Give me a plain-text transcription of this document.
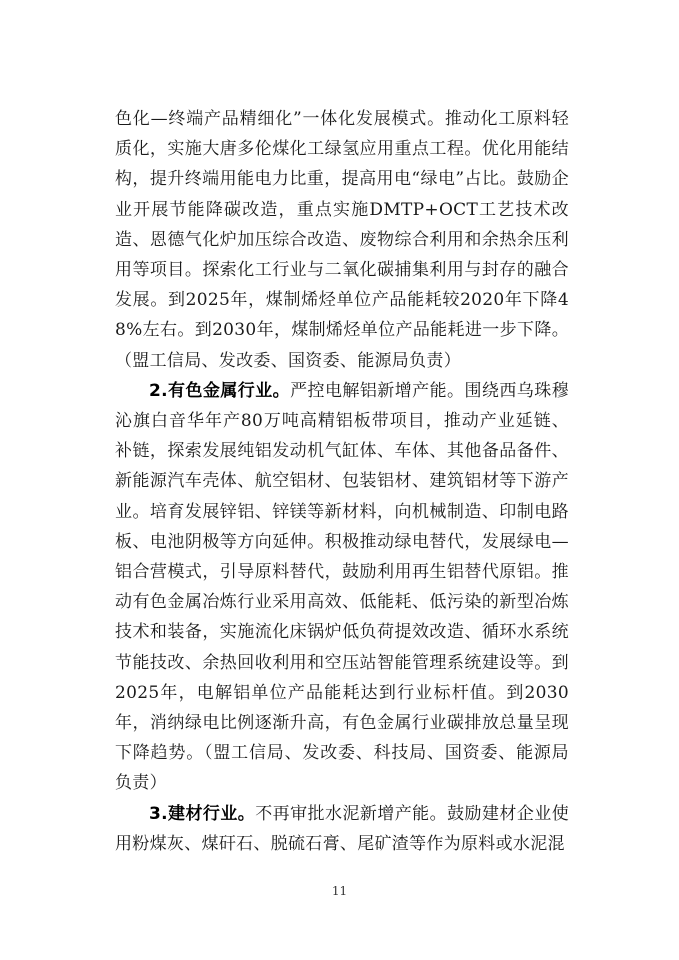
色化—终端产品精细化”一体化发展模式。推动化工原料轻质化，实施大唐多伦煤化工绿氢应用重点工程。优化用能结构，提升终端用能电力比重，提高用电“绿电”占比。鼓励企业开展节能降碳改造，重点实施DMTP+OCT工艺技术改造、恩德气化炉加压综合改造、废物综合利用和余热余压利用等项目。探索化工行业与二氧化碳捕集利用与封存的融合发展。到2025年，煤制烯烃单位产品能耗较2020年下降48%左右。到2030年，煤制烯烃单位产品能耗进一步下降。（盟工信局、发改委、国资委、能源局负责）

2.有色金属行业。严控电解铝新增产能。围绕西乌珠穆沁旗白音华年产80万吨高精铝板带项目，推动产业延链、补链，探索发展纯铝发动机气缸体、车体、其他备品备件、新能源汽车壳体、航空铝材、包装铝材、建筑铝材等下游产业。培育发展锌铝、锌镁等新材料，向机械制造、印制电路板、电池阴极等方向延伸。积极推动绿电替代，发展绿电—铝合营模式，引导原料替代，鼓励利用再生铝替代原铝。推动有色金属冶炼行业采用高效、低能耗、低污染的新型冶炼技术和装备，实施流化床锅炉低负荷提效改造、循环水系统节能技改、余热回收利用和空压站智能管理系统建设等。到2025年，电解铝单位产品能耗达到行业标杆值。到2030年，消纳绿电比例逐渐升高，有色金属行业碳排放总量呈现下降趋势。（盟工信局、发改委、科技局、国资委、能源局负责）

3.建材行业。不再审批水泥新增产能。鼓励建材企业使用粉煤灰、煤矸石、脱硫石膏、尾矿渣等作为原料或水泥混

11
